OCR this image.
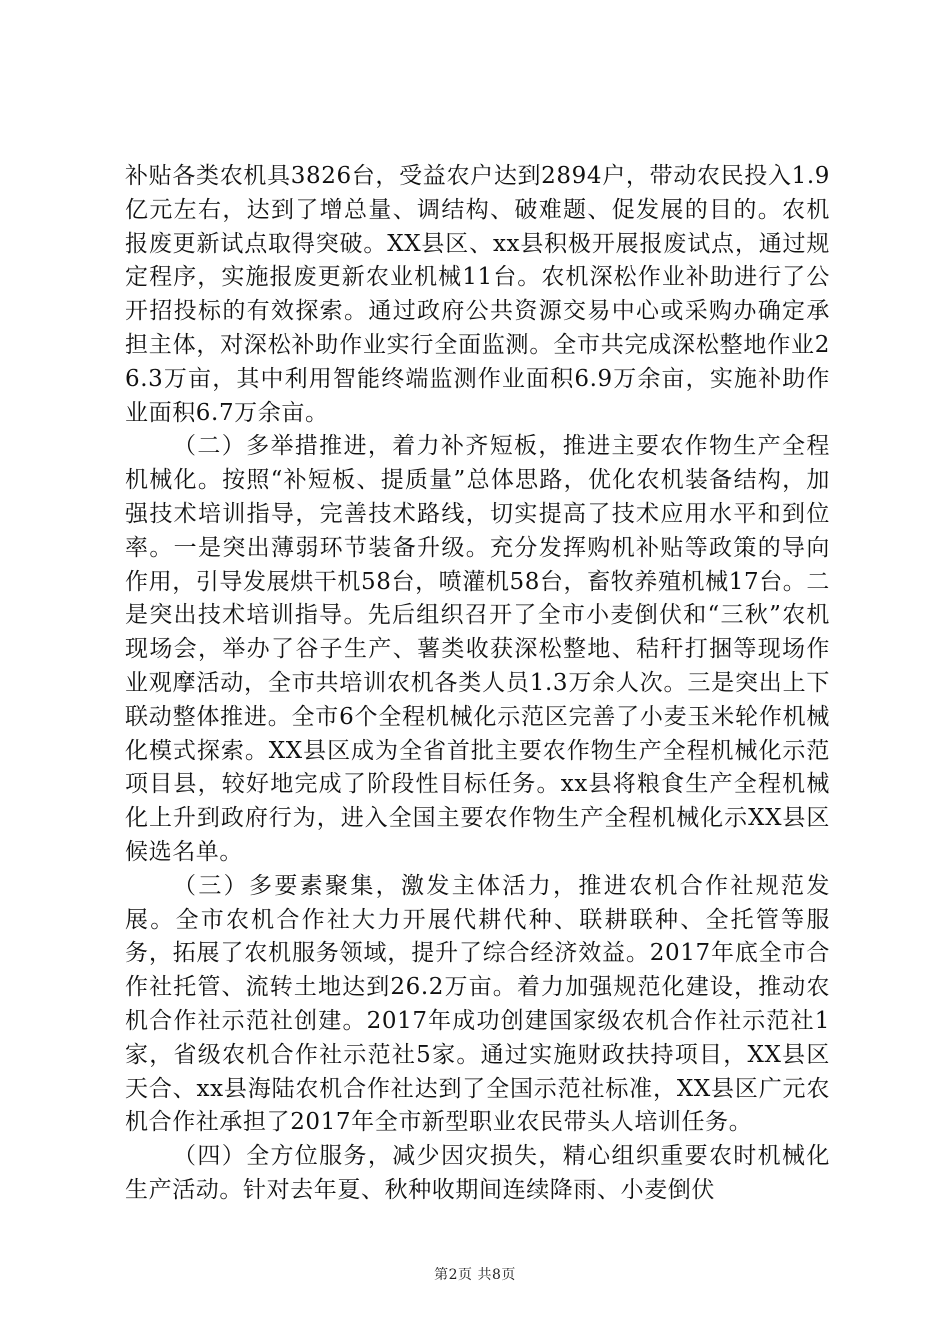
补贴各类农机具3826台，受益农户达到2894户，带动农民投入1.9亿元左右，达到了增总量、调结构、破难题、促发展的目的。农机报废更新试点取得突破。XX县区、xx县积极开展报废试点，通过规定程序，实施报废更新农业机械11台。农机深松作业补助进行了公开招投标的有效探索。通过政府公共资源交易中心或采购办确定承担主体，对深松补助作业实行全面监测。全市共完成深松整地作业26.3万亩，其中利用智能终端监测作业面积6.9万余亩，实施补助作业面积6.7万余亩。

（二）多举措推进，着力补齐短板，推进主要农作物生产全程机械化。按照“补短板、提质量”总体思路，优化农机装备结构，加强技术培训指导，完善技术路线，切实提高了技术应用水平和到位率。一是突出薄弱环节装备升级。充分发挥购机补贴等政策的导向作用，引导发展烘干机58台，喷灌机58台，畜牧养殖机械17台。二是突出技术培训指导。先后组织召开了全市小麦倒伏和“三秋”农机现场会，举办了谷子生产、薯类收获深松整地、秸秆打捆等现场作业观摩活动，全市共培训农机各类人员1.3万余人次。三是突出上下联动整体推进。全市6个全程机械化示范区完善了小麦玉米轮作机械化模式探索。XX县区成为全省首批主要农作物生产全程机械化示范项目县，较好地完成了阶段性目标任务。xx县将粮食生产全程机械化上升到政府行为，进入全国主要农作物生产全程机械化示XX县区候选名单。

（三）多要素聚集，激发主体活力，推进农机合作社规范发展。全市农机合作社大力开展代耕代种、联耕联种、全托管等服务，拓展了农机服务领域，提升了综合经济效益。2017年底全市合作社托管、流转土地达到26.2万亩。着力加强规范化建设，推动农机合作社示范社创建。2017年成功创建国家级农机合作社示范社1家，省级农机合作社示范社5家。通过实施财政扶持项目，XX县区天合、xx县海陆农机合作社达到了全国示范社标准，XX县区广元农机合作社承担了2017年全市新型职业农民带头人培训任务。

（四）全方位服务，减少因灾损失，精心组织重要农时机械化生产活动。针对去年夏、秋种收期间连续降雨、小麦倒伏

第2页 共8页
